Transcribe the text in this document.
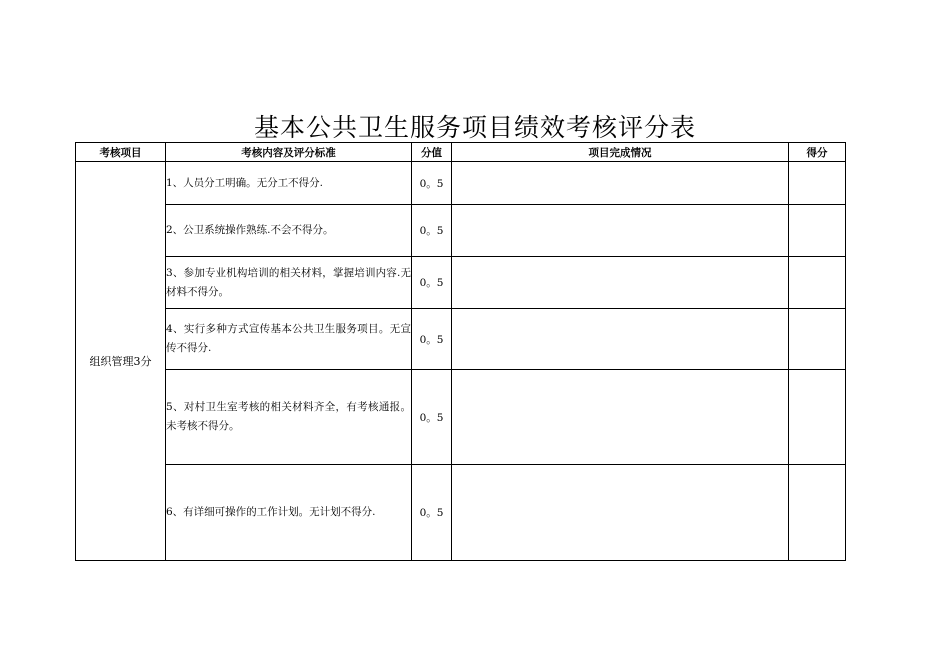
基本公共卫生服务项目绩效考核评分表
考核项目	考核内容及评分标准	分值	项目完成情况	得分
组织管理3分	1、人员分工明确。无分工不得分.	0。5		
	2、公卫系统操作熟练.不会不得分。	0。5		
	3、参加专业机构培训的相关材料，掌握培训内容.无材料不得分。	0。5		
	4、实行多种方式宣传基本公共卫生服务项目。无宣传不得分.	0。5		
	5、对村卫生室考核的相关材料齐全，有考核通报。未考核不得分。	0。5		
	6、有详细可操作的工作计划。无计划不得分.	0。5		
